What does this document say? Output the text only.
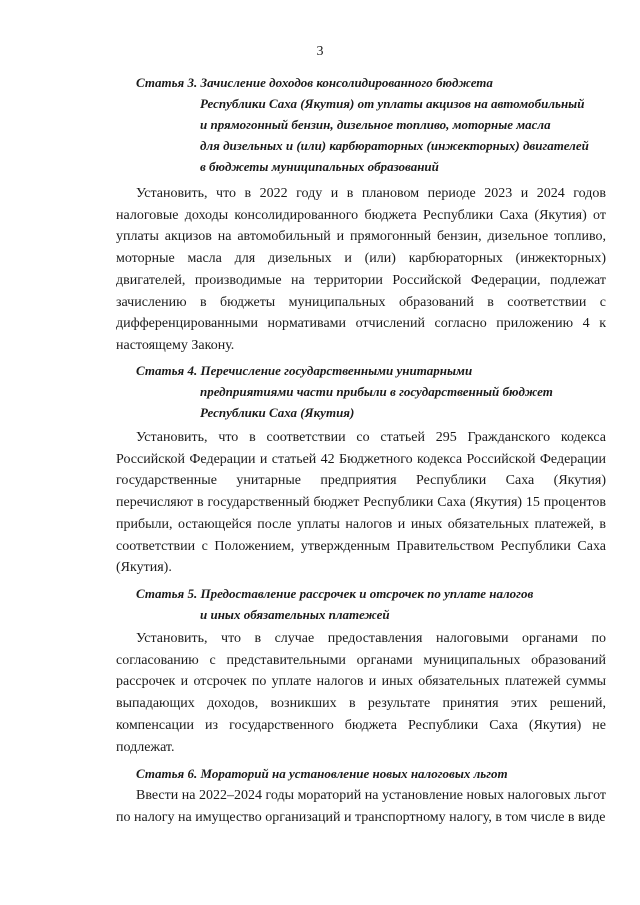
3
Статья 3. Зачисление доходов консолидированного бюджета
Республики Саха (Якутия) от уплаты акцизов на автомобильный
и прямогонный бензин, дизельное топливо, моторные масла
для дизельных и (или) карбюраторных (инжекторных) двигателей
в бюджеты муниципальных образований

Установить, что в 2022 году и в плановом периоде 2023 и 2024 годов налоговые доходы консолидированного бюджета Республики Саха (Якутия) от уплаты акцизов на автомобильный и прямогонный бензин, дизельное топливо, моторные масла для дизельных и (или) карбюраторных (инжекторных) двигателей, производимые на территории Российской Федерации, подлежат зачислению в бюджеты муниципальных образований в соответствии с дифференцированными нормативами отчислений согласно приложению 4 к настоящему Закону.

Статья 4. Перечисление государственными унитарными
предприятиями части прибыли в государственный бюджет
Республики Саха (Якутия)

Установить, что в соответствии со статьей 295 Гражданского кодекса Российской Федерации и статьей 42 Бюджетного кодекса Российской Федерации государственные унитарные предприятия Республики Саха (Якутия) перечисляют в государственный бюджет Республики Саха (Якутия) 15 процентов прибыли, остающейся после уплаты налогов и иных обязательных платежей, в соответствии с Положением, утвержденным Правительством Республики Саха (Якутия).

Статья 5. Предоставление рассрочек и отсрочек по уплате налогов
и иных обязательных платежей

Установить, что в случае предоставления налоговыми органами по согласованию с представительными органами муниципальных образований рассрочек и отсрочек по уплате налогов и иных обязательных платежей суммы выпадающих доходов, возникших в результате принятия этих решений, компенсации из государственного бюджета Республики Саха (Якутия) не подлежат.

Статья 6. Мораторий на установление новых налоговых льгот

Ввести на 2022–2024 годы мораторий на установление новых налоговых льгот по налогу на имущество организаций и транспортному налогу, в том числе в виде
